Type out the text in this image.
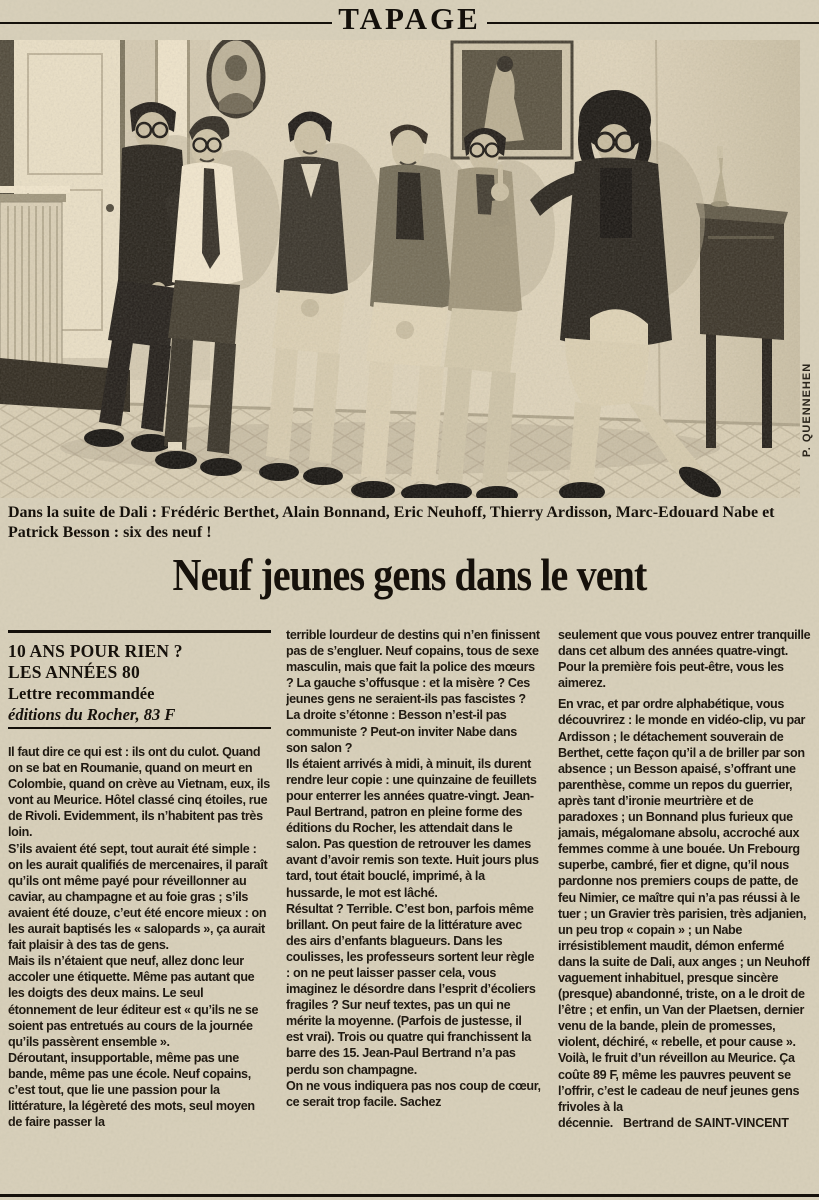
TAPAGE
P. QUENNEHEN
Dans la suite de Dali : Frédéric Berthet, Alain Bonnand, Eric Neuhoff, Thierry Ardisson, Marc-Edouard Nabe et Patrick Besson : six des neuf !
Neuf jeunes gens dans le vent
10 ANS POUR RIEN ?
LES ANNÉES 80
Lettre recommandée
éditions du Rocher, 83 F

Il faut dire ce qui est : ils ont du culot. Quand on se bat en Roumanie, quand on meurt en Colombie, quand on crève au Vietnam, eux, ils vont au Meurice. Hôtel classé cinq étoiles, rue de Rivoli. Evidemment, ils n’habitent pas très loin.

S’ils avaient été sept, tout aurait été simple : on les aurait qualifiés de mercenaires, il paraît qu’ils ont même payé pour réveillonner au caviar, au champagne et au foie gras ; s’ils avaient été douze, c’eut été encore mieux : on les aurait baptisés les « salopards », ça aurait fait plaisir à des tas de gens.

Mais ils n’étaient que neuf, allez donc leur accoler une étiquette. Même pas autant que les doigts des deux mains. Le seul étonnement de leur éditeur est « qu’ils ne se soient pas entretués au cours de la journée qu’ils passèrent ensemble ».

Déroutant, insupportable, même pas une bande, même pas une école. Neuf copains, c’est tout, que lie une passion pour la littérature, la légèreté des mots, seul moyen de faire passer la

terrible lourdeur de destins qui n’en finissent pas de s’engluer. Neuf copains, tous de sexe masculin, mais que fait la police des mœurs ? La gauche s’offusque : et la misère ? Ces jeunes gens ne seraient-ils pas fascistes ? La droite s’étonne : Besson n’est-il pas communiste ? Peut-on inviter Nabe dans son salon ?

Ils étaient arrivés à midi, à minuit, ils durent rendre leur copie : une quinzaine de feuillets pour enterrer les années quatre-vingt. Jean-Paul Bertrand, patron en pleine forme des éditions du Rocher, les attendait dans le salon. Pas question de retrouver les dames avant d’avoir remis son texte. Huit jours plus tard, tout était bouclé, imprimé, à la hussarde, le mot est lâché.

Résultat ? Terrible. C’est bon, parfois même brillant. On peut faire de la littérature avec des airs d’enfants blagueurs. Dans les coulisses, les professeurs sortent leur règle : on ne peut laisser passer cela, vous imaginez le désordre dans l’esprit d’écoliers fragiles ? Sur neuf textes, pas un qui ne mérite la moyenne. (Parfois de justesse, il est vrai). Trois ou quatre qui franchissent la barre des 15. Jean-Paul Bertrand n’a pas perdu son champagne.

On ne vous indiquera pas nos coup de cœur, ce serait trop facile. Sachez

seulement que vous pouvez entrer tranquille dans cet album des années quatre-vingt. Pour la première fois peut-être, vous les aimerez.

En vrac, et par ordre alphabétique, vous découvrirez : le monde en vidéo-clip, vu par Ardisson ; le détachement souverain de Berthet, cette façon qu’il a de briller par son absence ; un Besson apaisé, s’offrant une parenthèse, comme un repos du guerrier, après tant d’ironie meurtrière et de paradoxes ; un Bonnand plus furieux que jamais, mégalomane absolu, accroché aux femmes comme à une bouée. Un Frebourg superbe, cambré, fier et digne, qu’il nous pardonne nos premiers coups de patte, de feu Nimier, ce maître qui n’a pas réussi à le tuer ; un Gravier très parisien, très adjanien, un peu trop « copain » ; un Nabe irrésistiblement maudit, démon enfermé dans la suite de Dali, aux anges ; un Neuhoff vaguement inhabituel, presque sincère (presque) abandonné, triste, on a le droit de l’être ; et enfin, un Van der Plaetsen, dernier venu de la bande, plein de promesses, violent, déchiré, « rebelle, et pour cause ».

Voilà, le fruit d’un réveillon au Meurice. Ça coûte 89 F, même les pauvres peuvent se l’offrir, c’est le cadeau de neuf jeunes gens frivoles à la décennie. Bertrand de SAINT-VINCENT
